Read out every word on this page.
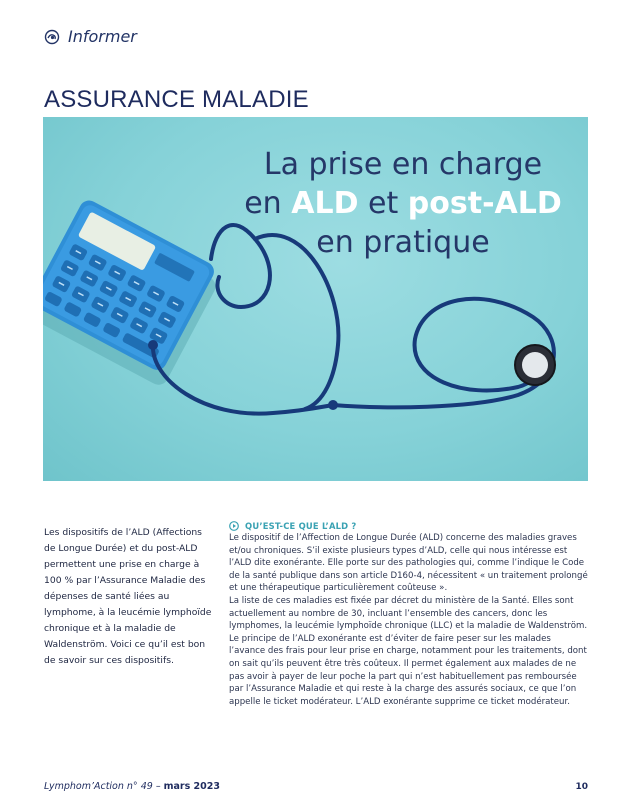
Informer
ASSURANCE MALADIE
La prise en charge
en ALD et post-ALD
en pratique
Les dispositifs de l’ALD (Affections de Longue Durée) et du post-ALD permettent une prise en charge à 100 % par l’Assurance Maladie des dépenses de santé liées au lymphome, à la leucémie lymphoïde chronique et à la maladie de Waldenström. Voici ce qu’il est bon de savoir sur ces dispositifs.
QU’EST-CE QUE L’ALD ?

Le dispositif de l’Affection de Longue Durée (ALD) concerne des maladies graves et/ou chroniques. S’il existe plusieurs types d’ALD, celle qui nous intéresse est l’ALD dite exonérante. Elle porte sur des pathologies qui, comme l’indique le Code de la santé publique dans son article D160-4, nécessitent « un traitement prolongé et une thérapeutique particulièrement coûteuse ».

La liste de ces maladies est fixée par décret du ministère de la Santé. Elles sont actuellement au nombre de 30, incluant l’ensemble des cancers, donc les lymphomes, la leucémie lymphoïde chronique (LLC) et la maladie de Waldenström.

Le principe de l’ALD exonérante est d’éviter de faire peser sur les malades l’avance des frais pour leur prise en charge, notamment pour les traitements, dont on sait qu’ils peuvent être très coûteux. Il permet également aux malades de ne pas avoir à payer de leur poche la part qui n’est habituellement pas remboursée par l’Assurance Maladie et qui reste à la charge des assurés sociaux, ce que l’on appelle le ticket modérateur. L’ALD exonérante supprime ce ticket modérateur.

Lymphom’Action n° 49 – mars 2023	10
